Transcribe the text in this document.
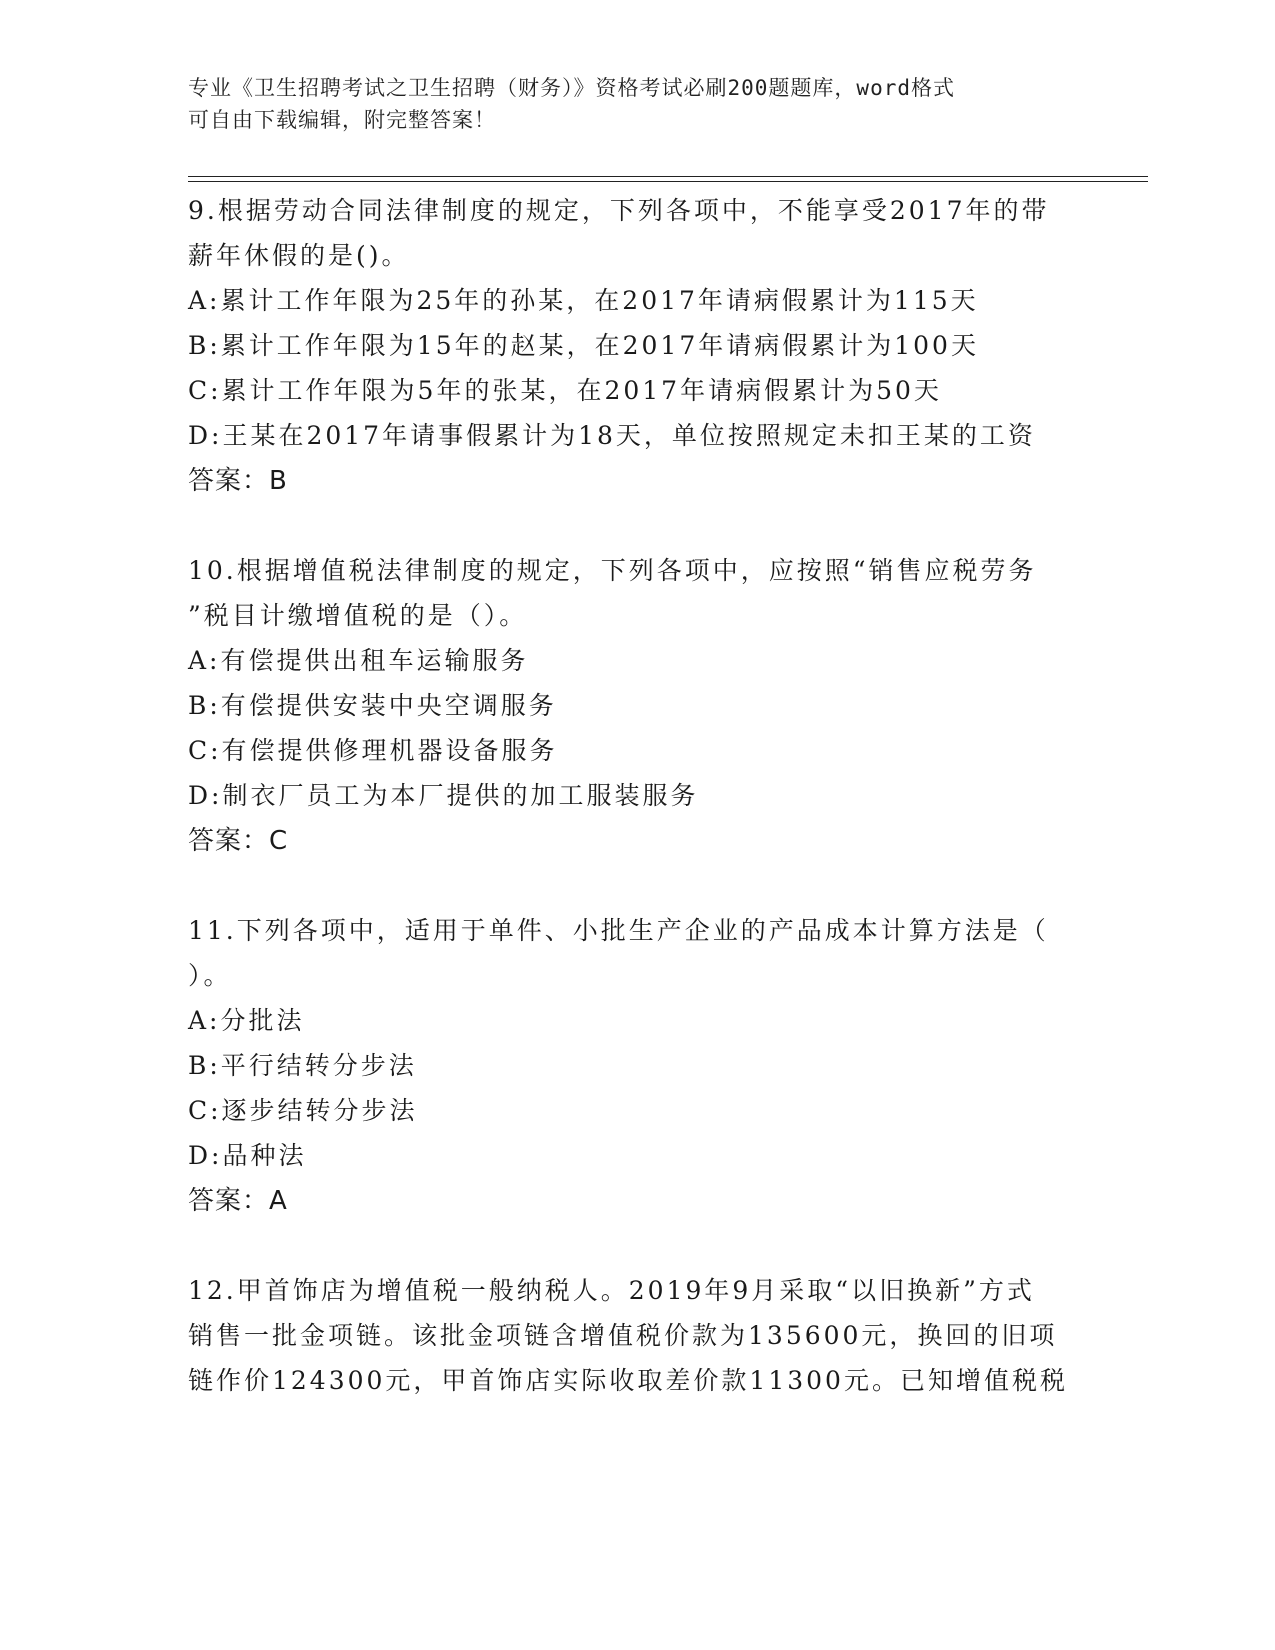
专业《卫生招聘考试之卫生招聘（财务）》资格考试必刷200题题库，word格式
可自由下载编辑，附完整答案！
9.根据劳动合同法律制度的规定，下列各项中，不能享受2017年的带
薪年休假的是()。
A:累计工作年限为25年的孙某，在2017年请病假累计为115天
B:累计工作年限为15年的赵某，在2017年请病假累计为100天
C:累计工作年限为5年的张某，在2017年请病假累计为50天
D:王某在2017年请事假累计为18天，单位按照规定未扣王某的工资
答案：B
10.根据增值税法律制度的规定，下列各项中，应按照“销售应税劳务
”税目计缴增值税的是（）。
A:有偿提供出租车运输服务
B:有偿提供安装中央空调服务
C:有偿提供修理机器设备服务
D:制衣厂员工为本厂提供的加工服装服务
答案：C
11.下列各项中，适用于单件、小批生产企业的产品成本计算方法是（
）。
A:分批法
B:平行结转分步法
C:逐步结转分步法
D:品种法
答案：A
12.甲首饰店为增值税一般纳税人。2019年9月采取“以旧换新”方式
销售一批金项链。该批金项链含增值税价款为135600元，换回的旧项
链作价124300元，甲首饰店实际收取差价款11300元。已知增值税税
